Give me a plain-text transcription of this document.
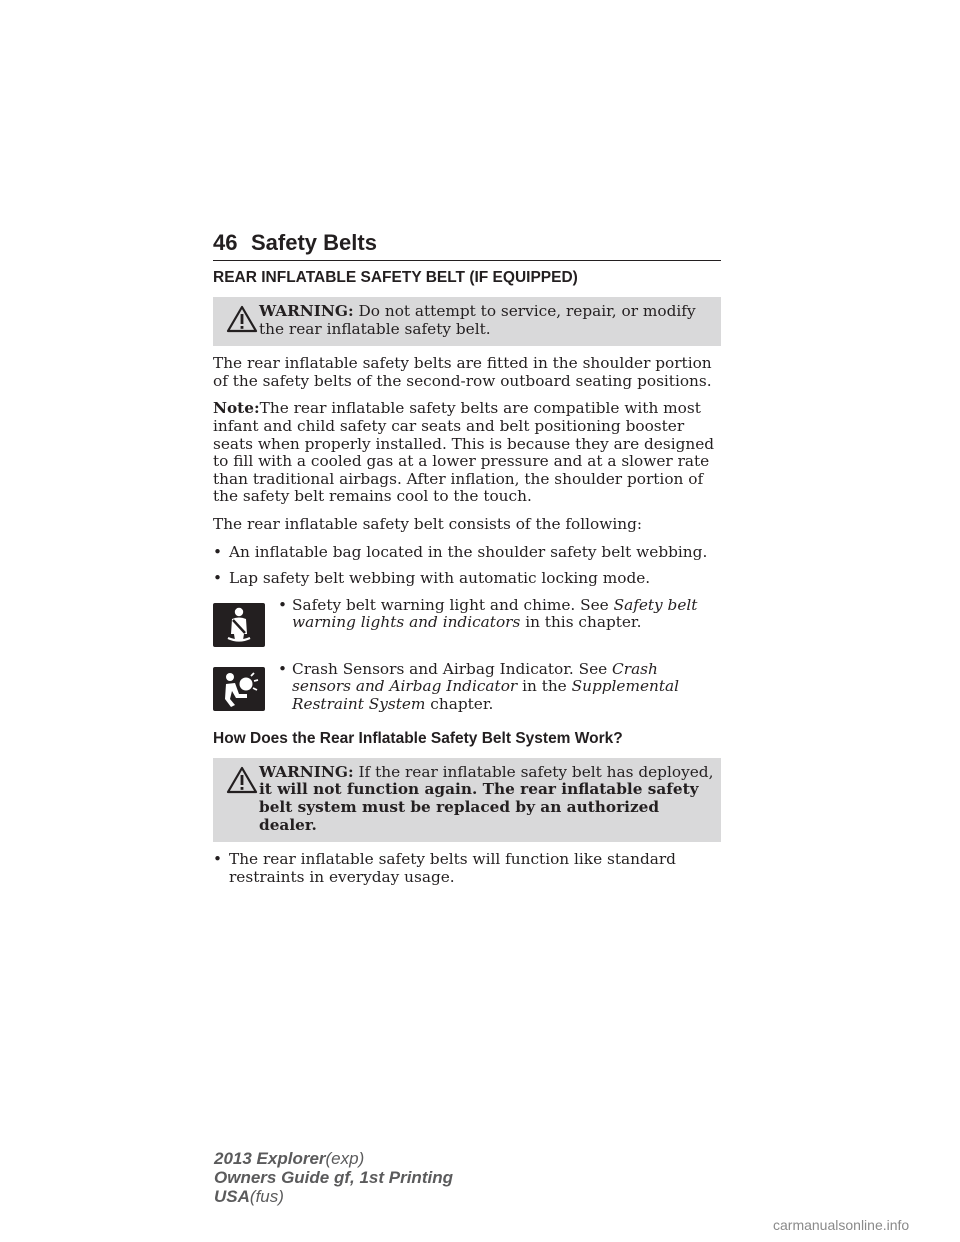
46 Safety Belts
REAR INFLATABLE SAFETY BELT (IF EQUIPPED)
WARNING: Do not attempt to service, repair, or modify the rear inflatable safety belt.

The rear inflatable safety belts are fitted in the shoulder portion of the safety belts of the second-row outboard seating positions.

Note:The rear inflatable safety belts are compatible with most infant and child safety car seats and belt positioning booster seats when properly installed. This is because they are designed to fill with a cooled gas at a lower pressure and at a slower rate than traditional airbags. After inflation, the shoulder portion of the safety belt remains cool to the touch.

The rear inflatable safety belt consists of the following:

• An inflatable bag located in the shoulder safety belt webbing.
• Lap safety belt webbing with automatic locking mode.
• Safety belt warning light and chime. See Safety belt warning lights and indicators in this chapter.
• Crash Sensors and Airbag Indicator. See Crash sensors and Airbag Indicator in the Supplemental Restraint System chapter.
How Does the Rear Inflatable Safety Belt System Work?
WARNING: If the rear inflatable safety belt has deployed, it will not function again. The rear inflatable safety belt system must be replaced by an authorized dealer.
• The rear inflatable safety belts will function like standard restraints in everyday usage.
2013 Explorer(exp)
Owners Guide gf, 1st Printing
USA(fus)
carmanualsonline.info
